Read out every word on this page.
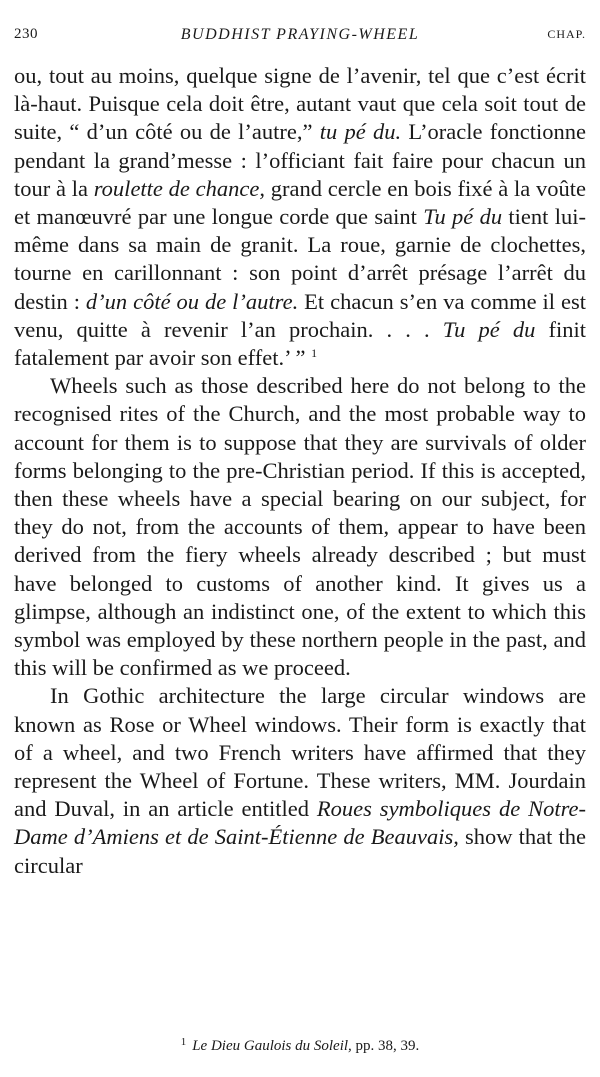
230	BUDDHIST PRAYING-WHEEL	CHAP.

ou, tout au moins, quelque signe de l’avenir, tel que c’est écrit là-haut. Puisque cela doit être, autant vaut que cela soit tout de suite, “ d’un côté ou de l’autre,” tu pé du. L’oracle fonctionne pendant la grand’messe : l’officiant fait faire pour chacun un tour à la roulette de chance, grand cercle en bois fixé à la voûte et manœuvré par une longue corde que saint Tu pé du tient lui-même dans sa main de granit. La roue, garnie de clochettes, tourne en carillonnant : son point d’arrêt présage l’arrêt du destin : d’un côté ou de l’autre. Et chacun s’en va comme il est venu, quitte à revenir l’an prochain. . . . Tu pé du finit fatalement par avoir son effet.’ ” $^1$

Wheels such as those described here do not belong to the recognised rites of the Church, and the most probable way to account for them is to suppose that they are survivals of older forms belonging to the pre-Christian period. If this is accepted, then these wheels have a special bearing on our subject, for they do not, from the accounts of them, appear to have been derived from the fiery wheels already described ; but must have belonged to customs of another kind. It gives us a glimpse, although an indistinct one, of the extent to which this symbol was employed by these northern people in the past, and this will be confirmed as we proceed.

In Gothic architecture the large circular windows are known as Rose or Wheel windows. Their form is exactly that of a wheel, and two French writers have affirmed that they represent the Wheel of Fortune. These writers, MM. Jourdain and Duval, in an article entitled Roues symboliques de Notre-Dame d’Amiens et de Saint-Étienne de Beauvais, show that the circular

$^1$ Le Dieu Gaulois du Soleil, pp. 38, 39.
